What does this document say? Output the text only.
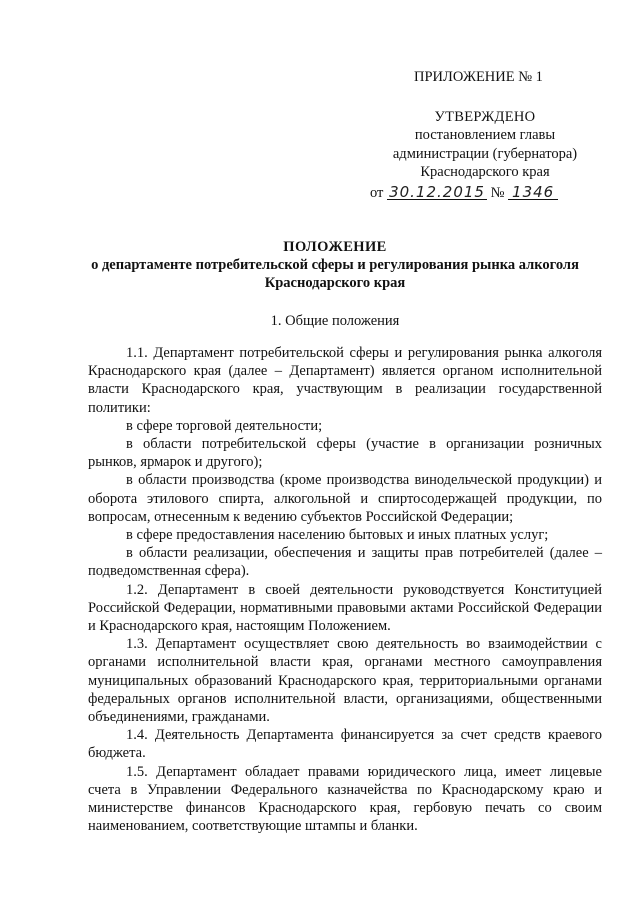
ПРИЛОЖЕНИЕ № 1
УТВЕРЖДЕНО
постановлением главы
администрации (губернатора)
Краснодарского края
от 30.12.2015 № 1346
ПОЛОЖЕНИЕ
о департаменте потребительской сферы и регулирования рынка алкоголя
Краснодарского края
1. Общие положения

1.1. Департамент потребительской сферы и регулирования рынка алкоголя Краснодарского края (далее – Департамент) является органом исполнительной власти Краснодарского края, участвующим в реализации государственной политики:

в сфере торговой деятельности;

в области потребительской сферы (участие в организации розничных рынков, ярмарок и другого);

в области производства (кроме производства винодельческой продукции) и оборота этилового спирта, алкогольной и спиртосодержащей продукции, по вопросам, отнесенным к ведению субъектов Российской Федерации;

в сфере предоставления населению бытовых и иных платных услуг;

в области реализации, обеспечения и защиты прав потребителей (далее – подведомственная сфера).

1.2. Департамент в своей деятельности руководствуется Конституцией Российской Федерации, нормативными правовыми актами Российской Федерации и Краснодарского края, настоящим Положением.

1.3. Департамент осуществляет свою деятельность во взаимодействии с органами исполнительной власти края, органами местного самоуправления муниципальных образований Краснодарского края, территориальными органами федеральных органов исполнительной власти, организациями, общественными объединениями, гражданами.

1.4. Деятельность Департамента финансируется за счет средств краевого бюджета.

1.5. Департамент обладает правами юридического лица, имеет лицевые счета в Управлении Федерального казначейства по Краснодарскому краю и министерстве финансов Краснодарского края, гербовую печать со своим наименованием, соответствующие штампы и бланки.
